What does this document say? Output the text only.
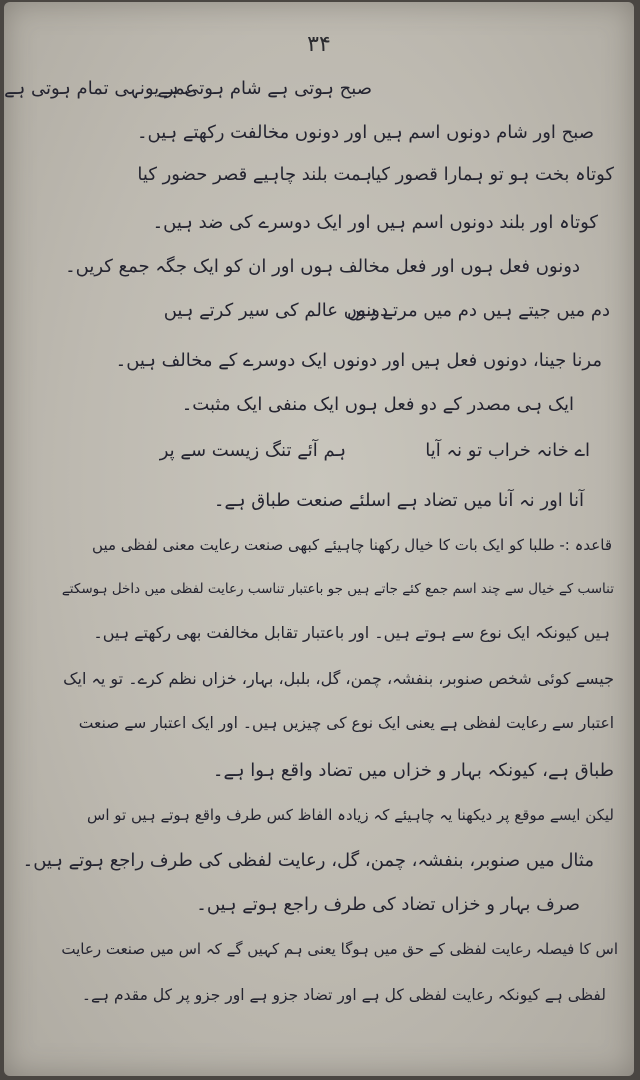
۳۴
صبح ہوتی ہے شام ہوتی ہے
عمر یونہی تمام ہوتی ہے
صبح اور شام دونوں اسم ہیں اور دونوں مخالفت رکھتے ہیں۔
ہمت بلند چاہیے قصر حضور کیا
کوتاہ بخت ہو تو ہمارا قصور کیا
کوتاہ اور بلند دونوں اسم ہیں اور ایک دوسرے کی ضد ہیں۔
دونوں فعل ہوں اور فعل مخالف ہوں اور ان کو ایک جگہ جمع کریں۔
دونوں عالم کی سیر کرتے ہیں
دم میں جیتے ہیں دم میں مرتے ہیں
مرنا جینا، دونوں فعل ہیں اور دونوں ایک دوسرے کے مخالف ہیں۔
ایک ہی مصدر کے دو فعل ہوں ایک منفی ایک مثبت۔
ہم آئے تنگ زیست سے پر	اے خانہ خراب تو نہ آیا
آنا اور نہ آنا میں تضاد ہے اسلئے صنعت طباق ہے۔
قاعدہ :- طلبا کو ایک بات کا خیال رکھنا چاہیئے کبھی صنعت رعایت معنی لفظی میں
تناسب کے خیال سے چند اسم جمع کئے جاتے ہیں جو باعتبار تناسب رعایت لفظی میں داخل ہوسکتے
ہیں کیونکہ ایک نوع سے ہوتے ہیں۔ اور باعتبار تقابل مخالفت بھی رکھتے ہیں۔
جیسے کوئی شخص صنوبر، بنفشہ، چمن، گل، بلبل، بہار، خزاں نظم کرے۔ تو یہ ایک
اعتبار سے رعایت لفظی ہے یعنی ایک نوع کی چیزیں ہیں۔ اور ایک اعتبار سے صنعت
طباق ہے، کیونکہ بہار و خزاں میں تضاد واقع ہوا ہے۔
لیکن ایسے موقع پر دیکھنا یہ چاہیئے کہ زیادہ الفاظ کس طرف واقع ہوتے ہیں تو اس
مثال میں صنوبر، بنفشہ، چمن، گل، رعایت لفظی کی طرف راجع ہوتے ہیں۔
صرف بہار و خزاں تضاد کی طرف راجع ہوتے ہیں۔
اس کا فیصلہ رعایت لفظی کے حق میں ہوگا یعنی ہم کہیں گے کہ اس میں صنعت رعایت
لفظی ہے کیونکہ رعایت لفظی کل ہے اور تضاد جزو ہے اور جزو پر کل مقدم ہے۔
